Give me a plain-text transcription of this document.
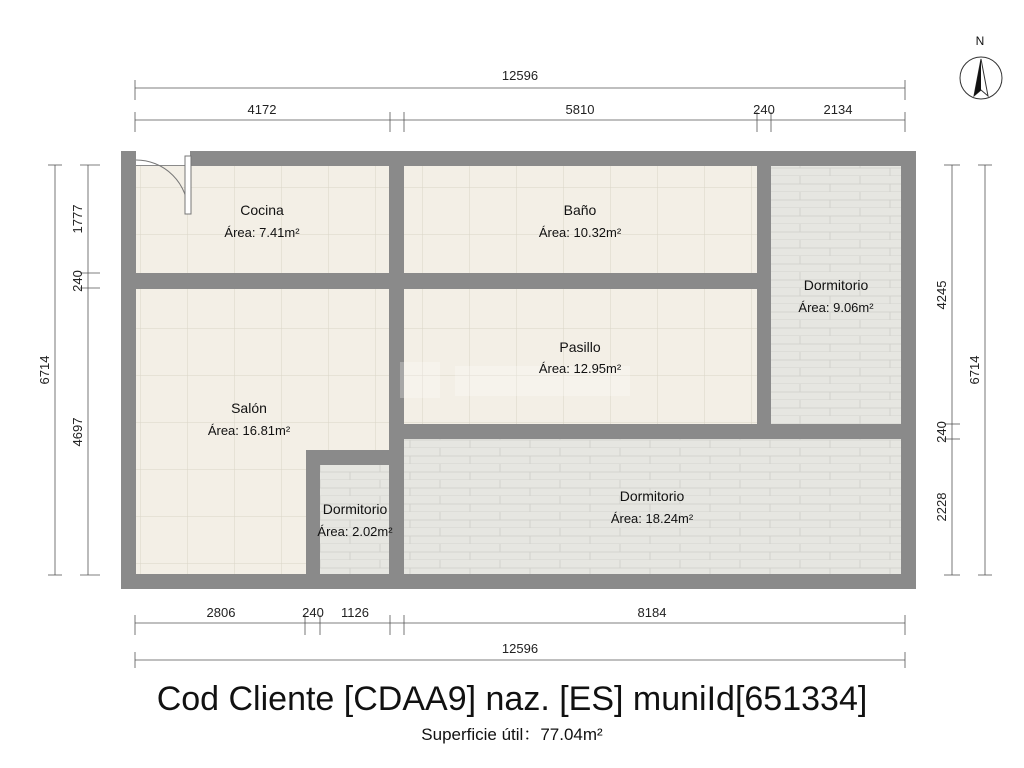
12596
4172	5810	240	2134
2806	240 1126	8184
12596
1777
240
4697
6714
4245
240
2228
6714
Cocina
Área: 7.41m²
Baño
Área: 10.32m²
Dormitorio
Área: 9.06m²
Pasillo
Área: 12.95m²
Salón
Área: 16.81m²
Dormitorio
Área: 2.02m²
Dormitorio
Área: 18.24m²
N
Cod Cliente [CDAA9] naz. [ES] muniId[651334]
Superficie útil：77.04m²
